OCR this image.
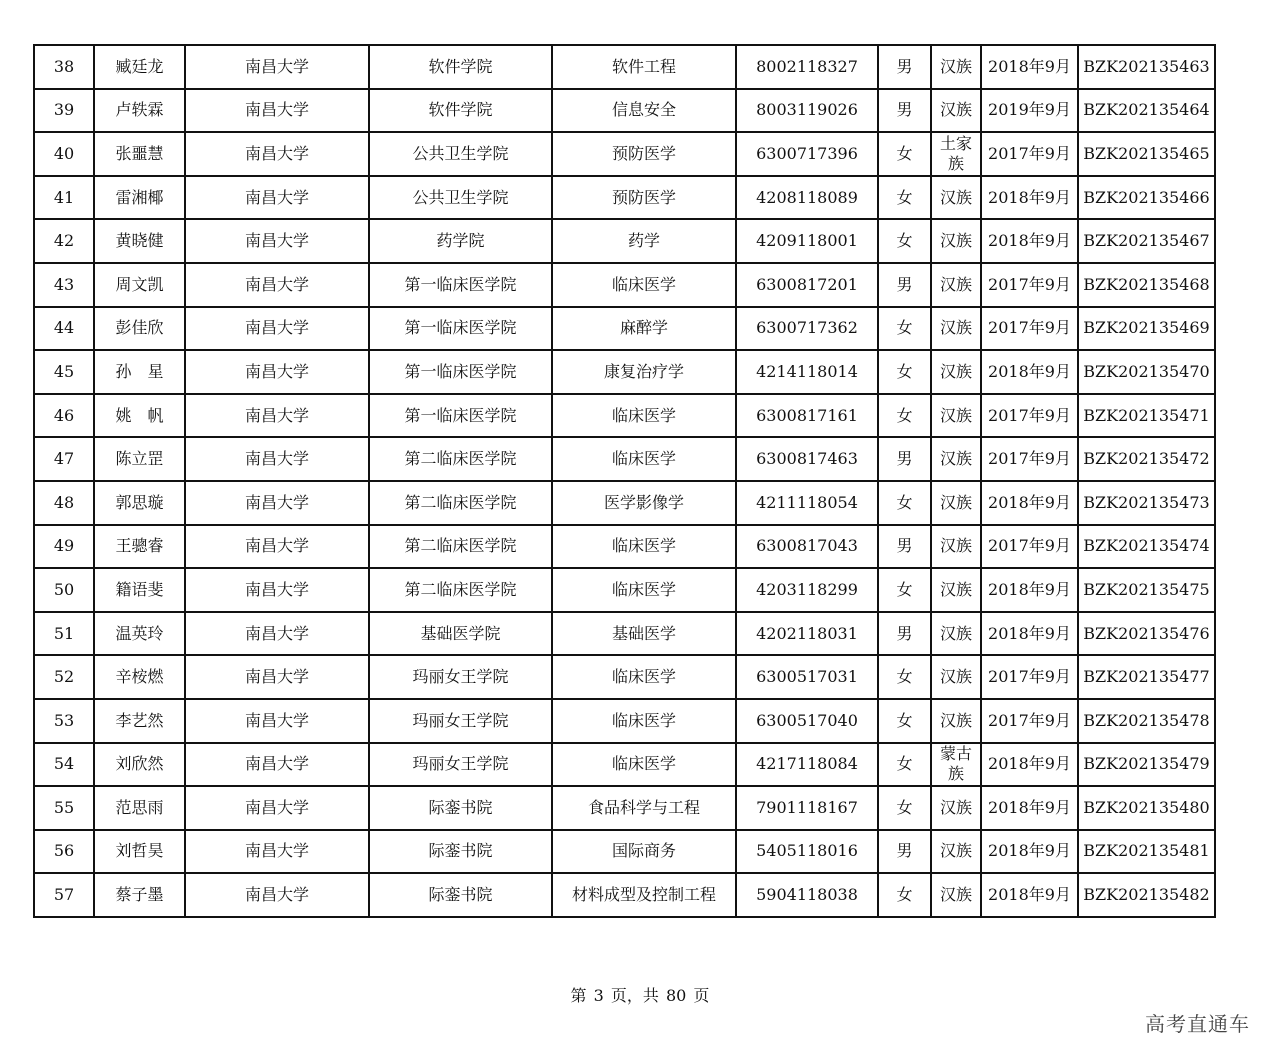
38	臧廷龙	南昌大学	软件学院	软件工程	8002118327	男	汉族	2018年9月	BZK202135463
39	卢轶霖	南昌大学	软件学院	信息安全	8003119026	男	汉族	2019年9月	BZK202135464
40	张噩慧	南昌大学	公共卫生学院	预防医学	6300717396	女	土家族	2017年9月	BZK202135465
41	雷湘椰	南昌大学	公共卫生学院	预防医学	4208118089	女	汉族	2018年9月	BZK202135466
42	黄晓健	南昌大学	药学院	药学	4209118001	女	汉族	2018年9月	BZK202135467
43	周文凯	南昌大学	第一临床医学院	临床医学	6300817201	男	汉族	2017年9月	BZK202135468
44	彭佳欣	南昌大学	第一临床医学院	麻醉学	6300717362	女	汉族	2017年9月	BZK202135469
45	孙　星	南昌大学	第一临床医学院	康复治疗学	4214118014	女	汉族	2018年9月	BZK202135470
46	姚　帆	南昌大学	第一临床医学院	临床医学	6300817161	女	汉族	2017年9月	BZK202135471
47	陈立罡	南昌大学	第二临床医学院	临床医学	6300817463	男	汉族	2017年9月	BZK202135472
48	郭思璇	南昌大学	第二临床医学院	医学影像学	4211118054	女	汉族	2018年9月	BZK202135473
49	王骢睿	南昌大学	第二临床医学院	临床医学	6300817043	男	汉族	2017年9月	BZK202135474
50	籍语斐	南昌大学	第二临床医学院	临床医学	4203118299	女	汉族	2018年9月	BZK202135475
51	温英玲	南昌大学	基础医学院	基础医学	4202118031	男	汉族	2018年9月	BZK202135476
52	辛桉燃	南昌大学	玛丽女王学院	临床医学	6300517031	女	汉族	2017年9月	BZK202135477
53	李艺然	南昌大学	玛丽女王学院	临床医学	6300517040	女	汉族	2017年9月	BZK202135478
54	刘欣然	南昌大学	玛丽女王学院	临床医学	4217118084	女	蒙古族	2018年9月	BZK202135479
55	范思雨	南昌大学	际銮书院	食品科学与工程	7901118167	女	汉族	2018年9月	BZK202135480
56	刘哲昊	南昌大学	际銮书院	国际商务	5405118016	男	汉族	2018年9月	BZK202135481
57	蔡子墨	南昌大学	际銮书院	材料成型及控制工程	5904118038	女	汉族	2018年9月	BZK202135482
第 3 页，共 80 页
高考直通车
